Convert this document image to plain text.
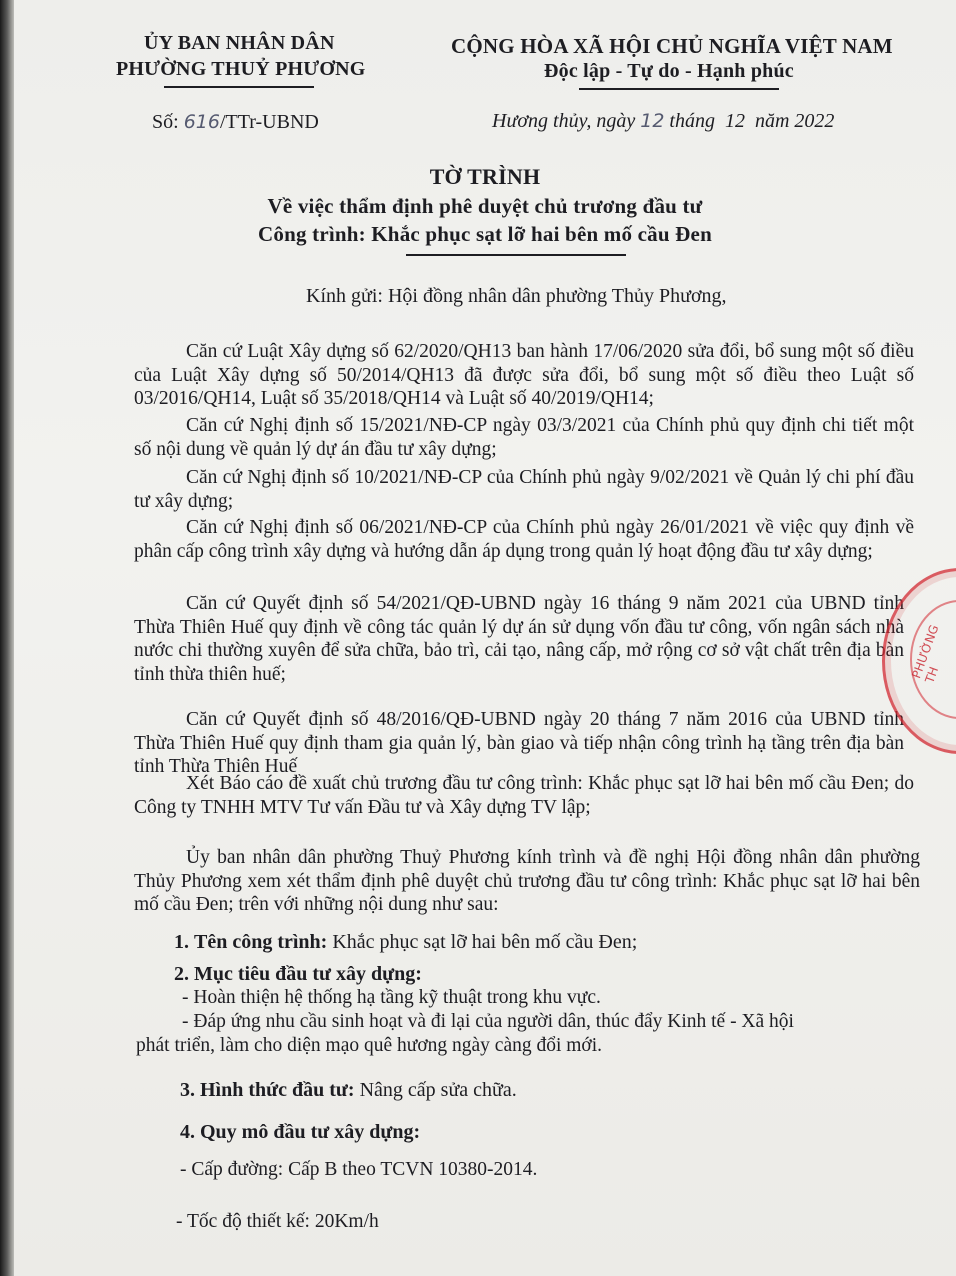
ỦY BAN NHÂN DÂN
PHƯỜNG THUỶ PHƯƠNG
CỘNG HÒA XÃ HỘI CHỦ NGHĨA VIỆT NAM
Độc lập - Tự do - Hạnh phúc
Số: 616/TTr-UBND	Hương thủy, ngày 12 tháng 12 năm 2022
TỜ TRÌNH
Về việc thẩm định phê duyệt chủ trương đầu tư
Công trình: Khắc phục sạt lỡ hai bên mố cầu Đen
Kính gửi: Hội đồng nhân dân phường Thủy Phương,
Căn cứ Luật Xây dựng số 62/2020/QH13 ban hành 17/06/2020 sửa đổi, bổ sung một số điều của Luật Xây dựng số 50/2014/QH13 đã được sửa đổi, bổ sung một số điều theo Luật số 03/2016/QH14, Luật số 35/2018/QH14 và Luật số 40/2019/QH14;
Căn cứ Nghị định số 15/2021/NĐ-CP ngày 03/3/2021 của Chính phủ quy định chi tiết một số nội dung về quản lý dự án đầu tư xây dựng;
Căn cứ Nghị định số 10/2021/NĐ-CP của Chính phủ ngày 9/02/2021 về Quản lý chi phí đầu tư xây dựng;
Căn cứ Nghị định số 06/2021/NĐ-CP của Chính phủ ngày 26/01/2021 về việc quy định về phân cấp công trình xây dựng và hướng dẫn áp dụng trong quản lý hoạt động đầu tư xây dựng;
Căn cứ Quyết định số 54/2021/QĐ-UBND ngày 16 tháng 9 năm 2021 của UBND tỉnh Thừa Thiên Huế quy định về công tác quản lý dự án sử dụng vốn đầu tư công, vốn ngân sách nhà nước chi thường xuyên để sửa chữa, bảo trì, cải tạo, nâng cấp, mở rộng cơ sở vật chất trên địa bàn tỉnh thừa thiên huế;
Căn cứ Quyết định số 48/2016/QĐ-UBND ngày 20 tháng 7 năm 2016 của UBND tỉnh Thừa Thiên Huế quy định tham gia quản lý, bàn giao và tiếp nhận công trình hạ tầng trên địa bàn tỉnh Thừa Thiên Huế
Xét Báo cáo đề xuất chủ trương đầu tư công trình: Khắc phục sạt lỡ hai bên mố cầu Đen; do Công ty TNHH MTV Tư vấn Đầu tư và Xây dựng TV lập;
Ủy ban nhân dân phường Thuỷ Phương kính trình và đề nghị Hội đồng nhân dân phường Thủy Phương xem xét thẩm định phê duyệt chủ trương đầu tư công trình: Khắc phục sạt lỡ hai bên mố cầu Đen; trên với những nội dung như sau:
1. Tên công trình: Khắc phục sạt lỡ hai bên mố cầu Đen;
2. Mục tiêu đầu tư xây dựng:
- Hoàn thiện hệ thống hạ tầng kỹ thuật trong khu vực.
- Đáp ứng nhu cầu sinh hoạt và đi lại của người dân, thúc đẩy Kinh tế - Xã hội
phát triển, làm cho diện mạo quê hương ngày càng đổi mới.
3. Hình thức đầu tư: Nâng cấp sửa chữa.
4. Quy mô đầu tư xây dựng:
- Cấp đường: Cấp B theo TCVN 10380-2014.
- Tốc độ thiết kế: 20Km/h
PHƯỜNG TH
